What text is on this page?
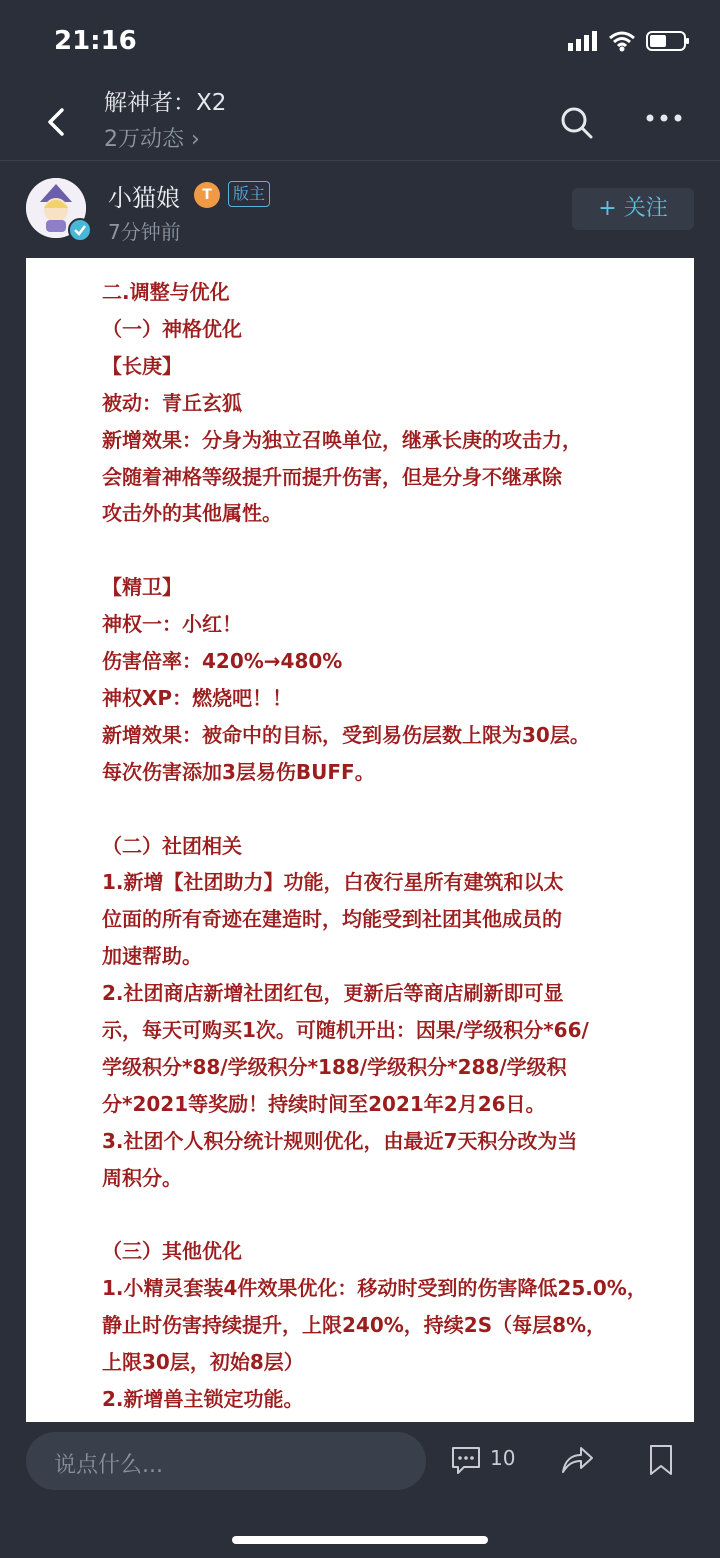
21:16
解神者：X2
2万动态 ›
小猫娘	T	版主
7分钟前
+ 关注
二.调整与优化
（一）神格优化
【长庚】
被动：青丘玄狐
新增效果：分身为独立召唤单位，继承长庚的攻击力，
会随着神格等级提升而提升伤害，但是分身不继承除
攻击外的其他属性。
【精卫】
神权一：小红！
伤害倍率：420%→480%
神权XP：燃烧吧！！
新增效果：被命中的目标，受到易伤层数上限为30层。
每次伤害添加3层易伤BUFF。
（二）社团相关
1.新增【社团助力】功能，白夜行星所有建筑和以太
位面的所有奇迹在建造时，均能受到社团其他成员的
加速帮助。
2.社团商店新增社团红包，更新后等商店刷新即可显
示，每天可购买1次。可随机开出：因果/学级积分*66/
学级积分*88/学级积分*188/学级积分*288/学级积
分*2021等奖励！持续时间至2021年2月26日。
3.社团个人积分统计规则优化，由最近7天积分改为当
周积分。
（三）其他优化
1.小精灵套装4件效果优化：移动时受到的伤害降低25.0%，
静止时伤害持续提升，上限240%，持续2S（每层8%，
上限30层，初始8层）
2.新增兽主锁定功能。
说点什么...	10
